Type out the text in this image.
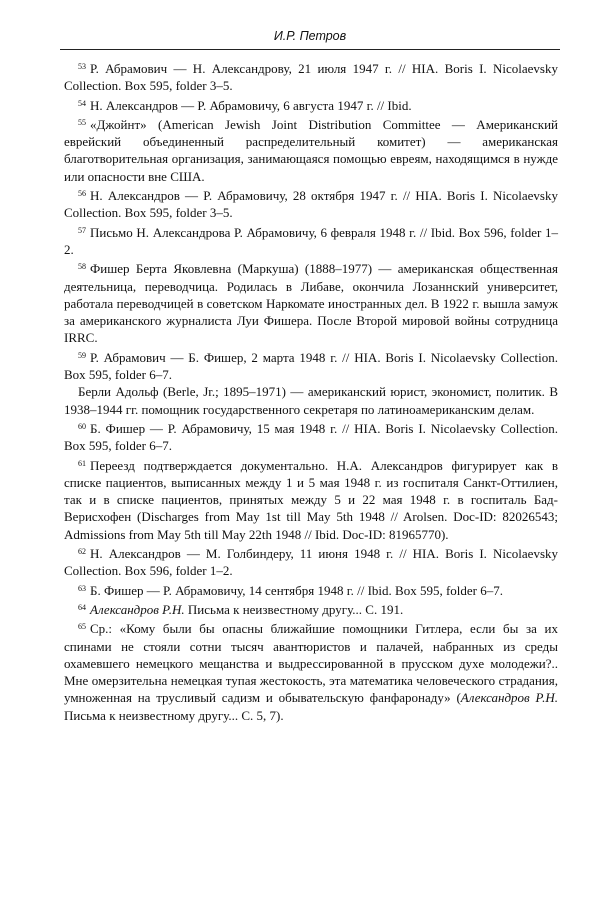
И.Р. Петров

$^{53}$ Р. Абрамович — Н. Александрову, 21 июля 1947 г. // HIA. Boris I. Nicolaevsky Collection. Box 595, folder 3–5.

$^{54}$ Н. Александров — Р. Абрамовичу, 6 августа 1947 г. // Ibid.

$^{55}$ «Джойнт» (American Jewish Joint Distribution Committee — Американский еврейский объединенный распределительный комитет) — американская благотворительная организация, занимающаяся помощью евреям, находящимся в нужде или опасности вне США.

$^{56}$ Н. Александров — Р. Абрамовичу, 28 октября 1947 г. // HIA. Boris I. Nicolaevsky Collection. Box 595, folder 3–5.

$^{57}$ Письмо Н. Александрова Р. Абрамовичу, 6 февраля 1948 г. // Ibid. Box 596, folder 1–2.

$^{58}$ Фишер Берта Яковлевна (Маркуша) (1888–1977) — американская общественная деятельница, переводчица. Родилась в Либаве, окончила Лозаннский университет, работала переводчицей в советском Наркомате иностранных дел. В 1922 г. вышла замуж за американского журналиста Луи Фишера. После Второй мировой войны сотрудница IRRC.

$^{59}$ Р. Абрамович — Б. Фишер, 2 марта 1948 г. // HIA. Boris I. Nicolaevsky Collection. Box 595, folder 6–7.

Берли Адольф (Berle, Jr.; 1895–1971) — американский юрист, экономист, политик. В 1938–1944 гг. помощник государственного секретаря по латиноамериканским делам.

$^{60}$ Б. Фишер — Р. Абрамовичу, 15 мая 1948 г. // HIA. Boris I. Nicolaevsky Collection. Box 595, folder 6–7.

$^{61}$ Переезд подтверждается документально. Н.А. Александров фигурирует как в списке пациентов, выписанных между 1 и 5 мая 1948 г. из госпиталя Санкт-Оттилиен, так и в списке пациентов, принятых между 5 и 22 мая 1948 г. в госпиталь Бад-Верисхофен (Discharges from May 1st till May 5th 1948 // Arolsen. Doc-ID: 82026543; Admissions from May 5th till May 22th 1948 // Ibid. Doc-ID: 81965770).

$^{62}$ Н. Александров — М. Голбиндеру, 11 июня 1948 г. // HIA. Boris I. Nicolaevsky Collection. Box 596, folder 1–2.

$^{63}$ Б. Фишер — Р. Абрамовичу, 14 сентября 1948 г. // Ibid. Box 595, folder 6–7.

$^{64}$ Александров Р.Н. Письма к неизвестному другу... С. 191.

$^{65}$ Ср.: «Кому были бы опасны ближайшие помощники Гитлера, если бы за их спинами не стояли сотни тысяч авантюристов и палачей, набранных из среды охамевшего немецкого мещанства и выдрессированной в прусском духе молодежи?.. Мне омерзительна немецкая тупая жестокость, эта математика человеческого страдания, умноженная на трусливый садизм и обывательскую фанфаронаду» (Александров Р.Н. Письма к неизвестному другу... С. 5, 7).
